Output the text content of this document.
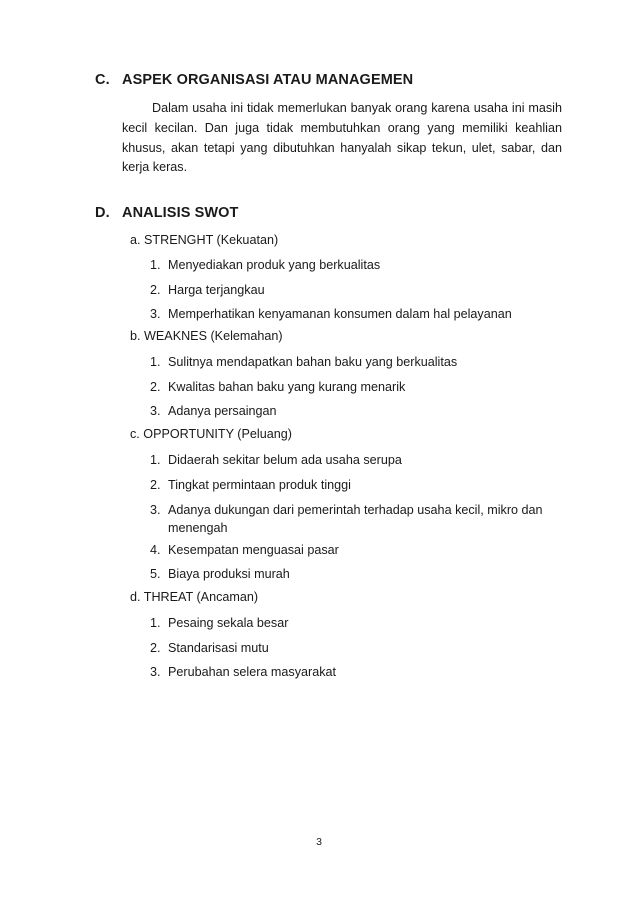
C. ASPEK ORGANISASI ATAU MANAGEMEN
Dalam usaha ini tidak memerlukan banyak orang karena usaha ini masih kecil kecilan. Dan juga tidak membutuhkan orang yang memiliki keahlian khusus, akan tetapi yang dibutuhkan hanyalah sikap tekun, ulet, sabar, dan kerja keras.
D. ANALISIS SWOT
a. STRENGHT (Kekuatan)
1. Menyediakan produk yang berkualitas
2. Harga terjangkau
3. Memperhatikan kenyamanan konsumen dalam hal pelayanan
b. WEAKNES (Kelemahan)
1. Sulitnya mendapatkan bahan baku yang berkualitas
2. Kwalitas bahan baku yang kurang menarik
3. Adanya persaingan
c. OPPORTUNITY (Peluang)
1. Didaerah sekitar belum ada usaha serupa
2. Tingkat permintaan produk tinggi
3. Adanya dukungan dari pemerintah terhadap usaha kecil, mikro dan menengah
4. Kesempatan menguasai pasar
5. Biaya produksi murah
d. THREAT (Ancaman)
1. Pesaing sekala besar
2. Standarisasi mutu
3. Perubahan selera masyarakat
3
